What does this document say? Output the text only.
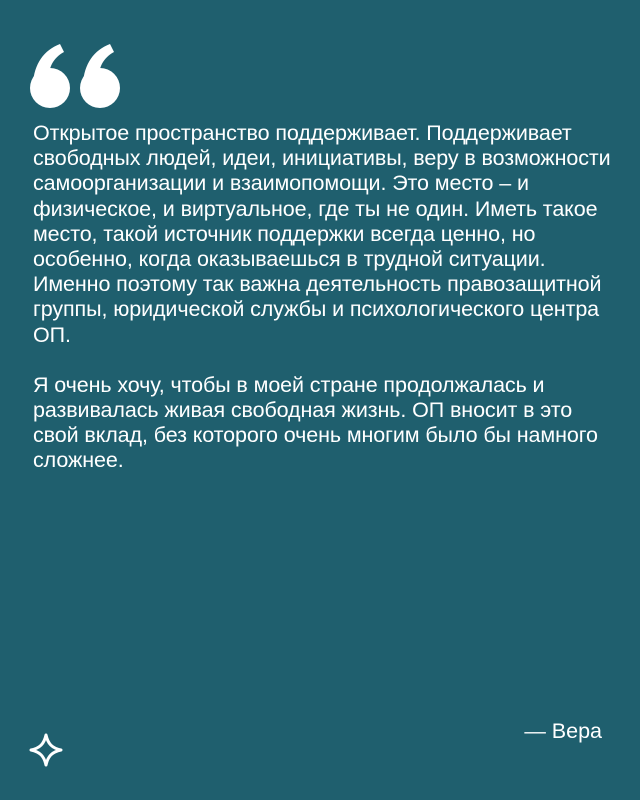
Открытое пространство поддерживает. Поддерживает свободных людей, идеи, инициативы, веру в возможности самоорганизации и взаимопомощи. Это место – и физическое, и виртуальное, где ты не один. Иметь такое место, такой источник поддержки всегда ценно, но особенно, когда оказываешься в трудной ситуации. Именно поэтому так важна деятельность правозащитной группы, юридической службы и психологического центра ОП.

Я очень хочу, чтобы в моей стране продолжалась и развивалась живая свободная жизнь. ОП вносит в это свой вклад, без которого очень многим было бы намного сложнее.

— Вера
